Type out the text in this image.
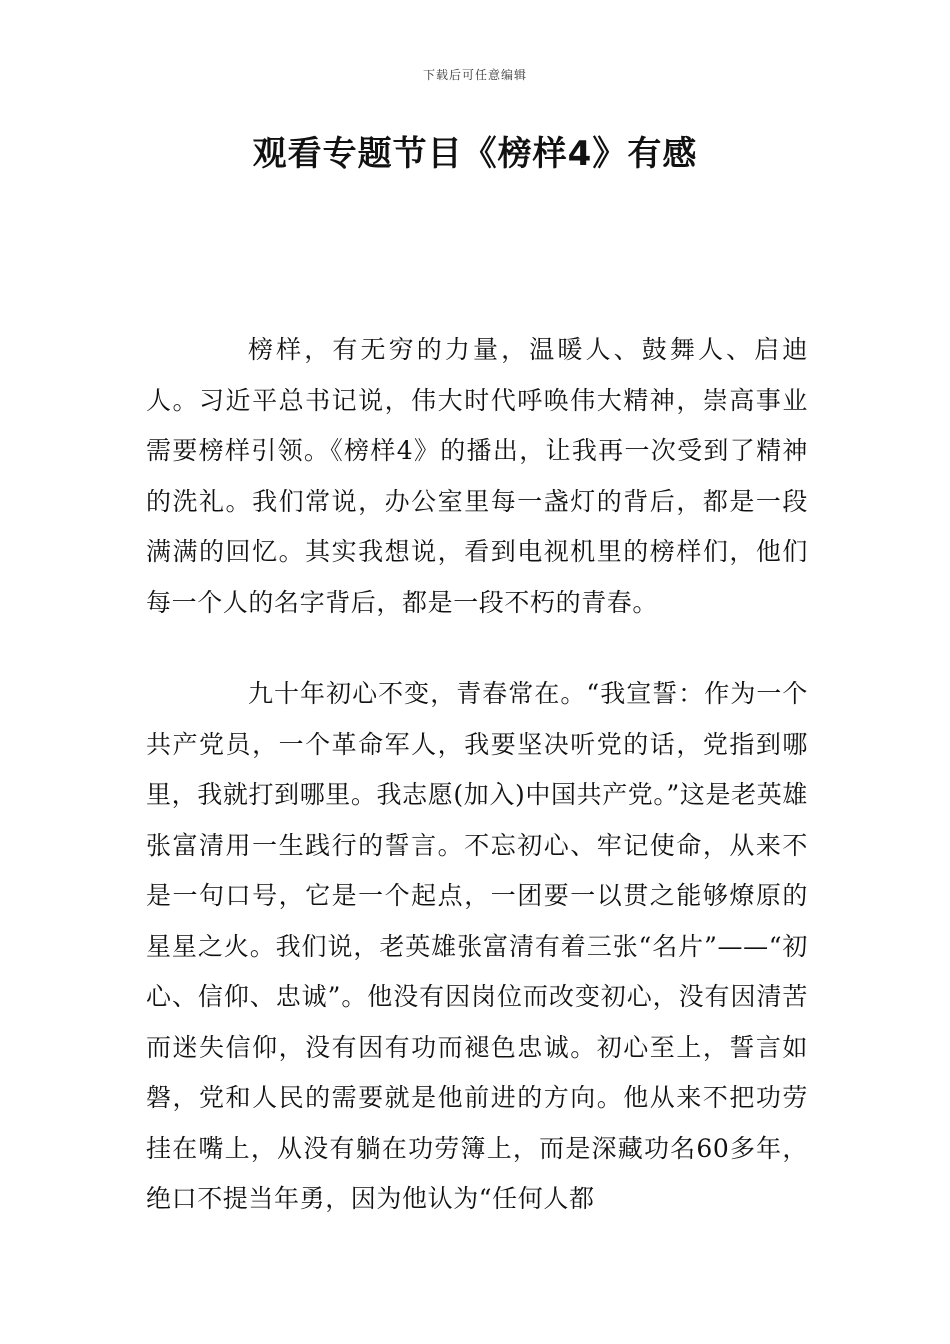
下载后可任意编辑
观看专题节目《榜样4》有感

榜样，有无穷的力量，温暖人、鼓舞人、启迪人。习近平总书记说，伟大时代呼唤伟大精神，崇高事业需要榜样引领。《榜样4》的播出，让我再一次受到了精神的洗礼。我们常说，办公室里每一盏灯的背后，都是一段满满的回忆。其实我想说，看到电视机里的榜样们，他们每一个人的名字背后，都是一段不朽的青春。

九十年初心不变，青春常在。“我宣誓：作为一个共产党员，一个革命军人，我要坚决听党的话，党指到哪里，我就打到哪里。我志愿(加入)中国共产党。”这是老英雄张富清用一生践行的誓言。不忘初心、牢记使命，从来不是一句口号，它是一个起点，一团要一以贯之能够燎原的星星之火。我们说，老英雄张富清有着三张“名片”——“初心、信仰、忠诚”。他没有因岗位而改变初心，没有因清苦而迷失信仰，没有因有功而褪色忠诚。初心至上，誓言如磐，党和人民的需要就是他前进的方向。他从来不把功劳挂在嘴上，从没有躺在功劳簿上，而是深藏功名60多年，绝口不提当年勇，因为他认为“任何人都
